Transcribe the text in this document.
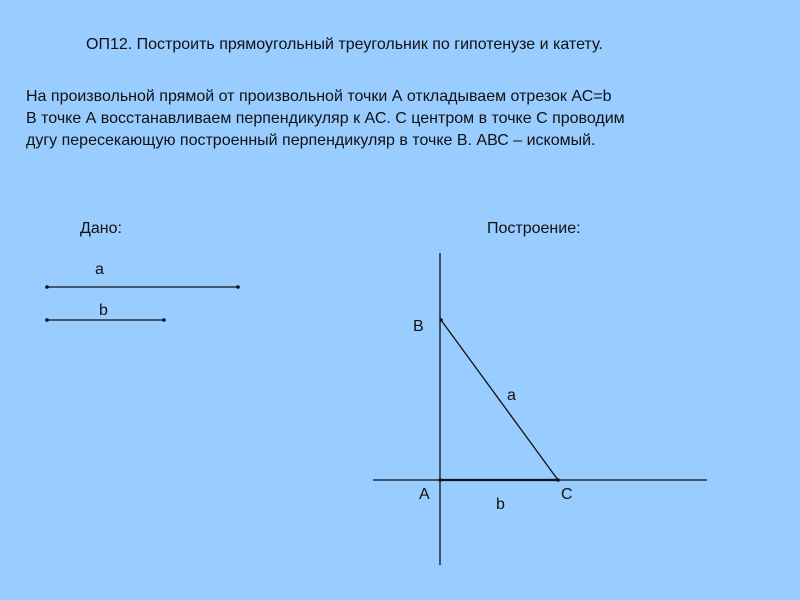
ОП12. Построить прямоугольный треугольник по гипотенузе и катету.
На произвольной прямой от произвольной точки А откладываем отрезок АС=b
В точке А восстанавливаем перпендикуляр к АС. С центром в точке С проводим
дугу пересекающую построенный перпендикуляр в точке В. АВС – искомый.
Дано:
a
b
Построение:
В
a
А
b
С
